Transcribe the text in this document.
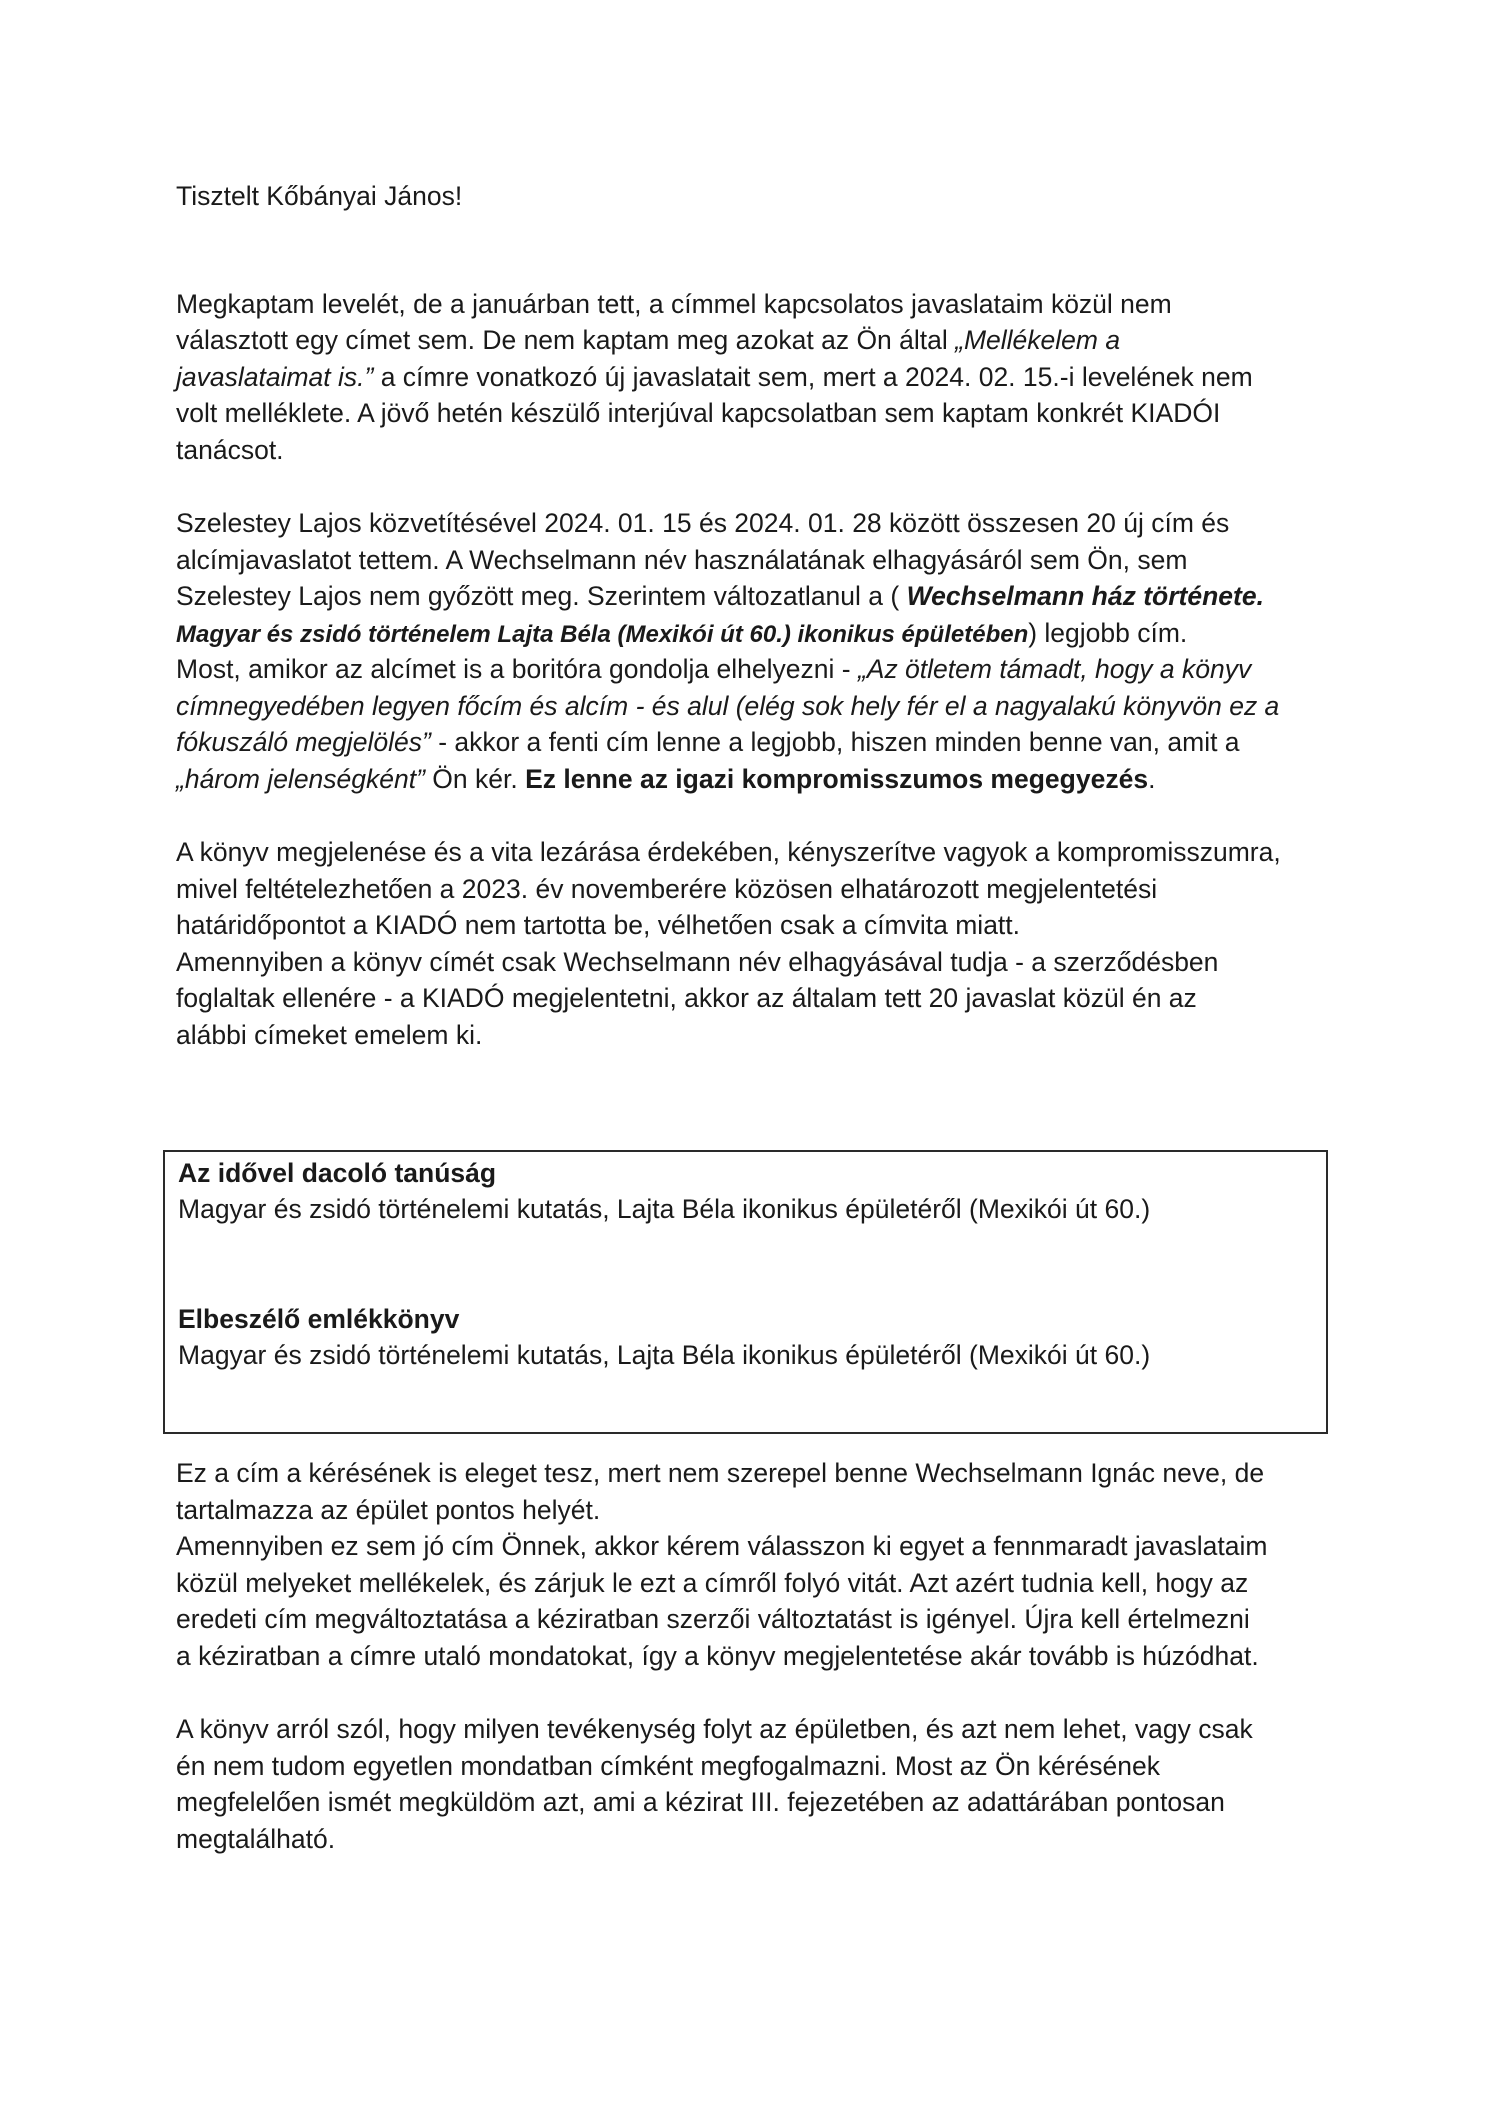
Tisztelt Kőbányai János!
Megkaptam levelét, de a januárban tett, a címmel kapcsolatos javaslataim közül nem
választott egy címet sem. De nem kaptam meg azokat az Ön által „Mellékelem a
javaslataimat is.” a címre vonatkozó új javaslatait sem, mert a 2024. 02. 15.-i levelének nem
volt melléklete. A jövő hetén készülő interjúval kapcsolatban sem kaptam konkrét KIADÓI
tanácsot.
Szelestey Lajos közvetítésével 2024. 01. 15 és 2024. 01. 28 között összesen 20 új cím és
alcímjavaslatot tettem. A Wechselmann név használatának elhagyásáról sem Ön, sem
Szelestey Lajos nem győzött meg. Szerintem változatlanul a ( Wechselmann ház története.
Magyar és zsidó történelem Lajta Béla (Mexikói út 60.) ikonikus épületében) legjobb cím.
Most, amikor az alcímet is a boritóra gondolja elhelyezni - „Az ötletem támadt, hogy a könyv
címnegyedében legyen főcím és alcím - és alul (elég sok hely fér el a nagyalakú könyvön ez a
fókuszáló megjelölés” - akkor a fenti cím lenne a legjobb, hiszen minden benne van, amit a
„három jelenségként” Ön kér. Ez lenne az igazi kompromisszumos megegyezés.
A könyv megjelenése és a vita lezárása érdekében, kényszerítve vagyok a kompromisszumra,
mivel feltételezhetően a 2023. év novemberére közösen elhatározott megjelentetési
határidőpontot a KIADÓ nem tartotta be, vélhetően csak a címvita miatt.
Amennyiben a könyv címét csak Wechselmann név elhagyásával tudja - a szerződésben
foglaltak ellenére - a KIADÓ megjelentetni, akkor az általam tett 20 javaslat közül én az
alábbi címeket emelem ki.
Az idővel dacoló tanúság
Magyar és zsidó történelemi kutatás, Lajta Béla ikonikus épületéről (Mexikói út 60.)
Elbeszélő emlékkönyv
Magyar és zsidó történelemi kutatás, Lajta Béla ikonikus épületéről (Mexikói út 60.)
Ez a cím a kérésének is eleget tesz, mert nem szerepel benne Wechselmann Ignác neve, de
tartalmazza az épület pontos helyét.
Amennyiben ez sem jó cím Önnek, akkor kérem válasszon ki egyet a fennmaradt javaslataim
közül melyeket mellékelek, és zárjuk le ezt a címről folyó vitát. Azt azért tudnia kell, hogy az
eredeti cím megváltoztatása a kéziratban szerzői változtatást is igényel. Újra kell értelmezni
a kéziratban a címre utaló mondatokat, így a könyv megjelentetése akár tovább is húzódhat.
A könyv arról szól, hogy milyen tevékenység folyt az épületben, és azt nem lehet, vagy csak
én nem tudom egyetlen mondatban címként megfogalmazni. Most az Ön kérésének
megfelelően ismét megküldöm azt, ami a kézirat III. fejezetében az adattárában pontosan
megtalálható.
